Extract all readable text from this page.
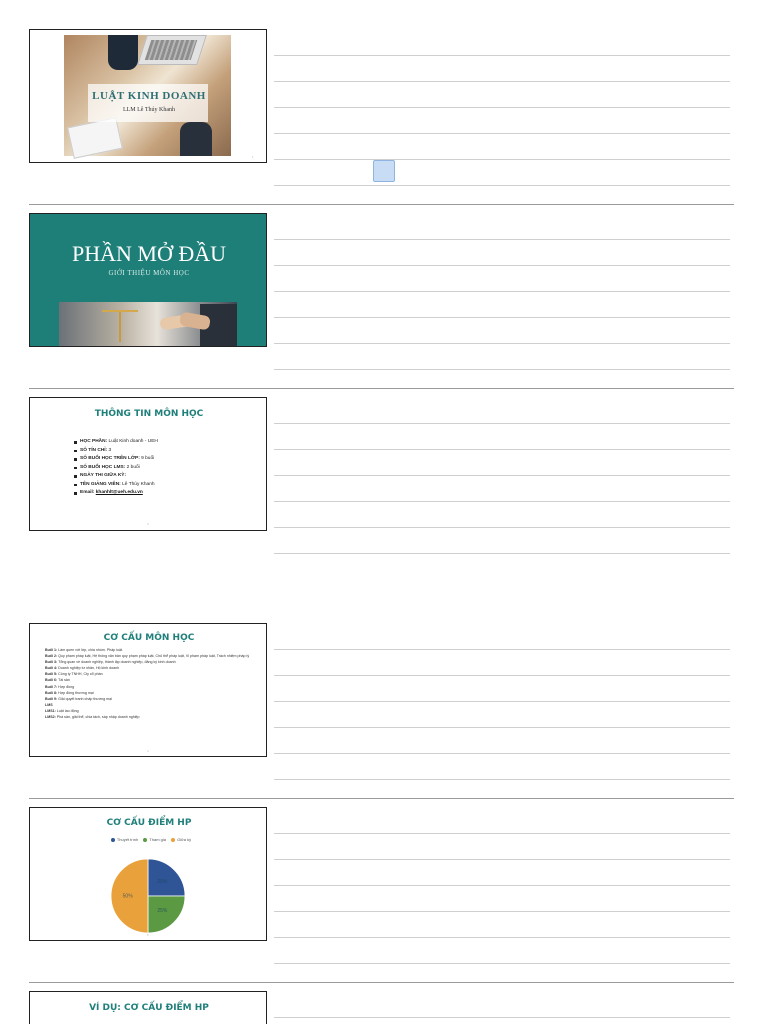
LUẬT KINH DOANH
LLM Lê Thúy Khanh
1
PHẦN MỞ ĐẦU
GIỚI THIỆU MÔN HỌC
THÔNG TIN MÔN HỌC
HỌC PHẦN: Luật Kinh doanh - UEH
SỐ TÍN CHỈ: 3
SỐ BUỔI HỌC TRÊN LỚP: 9 buổi
SỐ BUỔI HỌC LMS: 2 buổi
NGÀY THI GIỮA KỲ:
TÊN GIẢNG VIÊN: Lê Thúy Khanh
Email: khanhlt@ueh.edu.vn
3
CƠ CẤU MÔN HỌC
Buổi 1: Làm quen với lớp, chia nhóm. Pháp luật.
Buổi 2: Quy phạm pháp luật, Hệ thống văn bản quy phạm pháp luật, Chủ thể pháp luật, Vi phạm pháp luật, Trách nhiệm pháp lý
Buổi 3: Tổng quan về doanh nghiệp, thành lập doanh nghiệp, đăng ký kinh doanh
Buổi 4: Doanh nghiệp tư nhân, Hộ kinh doanh
Buổi 5: Công ty TNHH, Cty cổ phần
Buổi 6: Tài sản
Buổi 7: Hợp đồng
Buổi 8: Hợp đồng thương mại
Buổi 9: Giải quyết tranh chấp thương mại
LMS
LMS1: Luật lao động
LMS2: Phá sản, giải thể, chia tách, sáp nhập doanh nghiệp
4
CƠ CẤU ĐIỂM HP
Thuyết trình	Tham gia	Giữa kỳ
25%
25%
50%
5
VÍ DỤ: CƠ CẤU ĐIỂM HP
